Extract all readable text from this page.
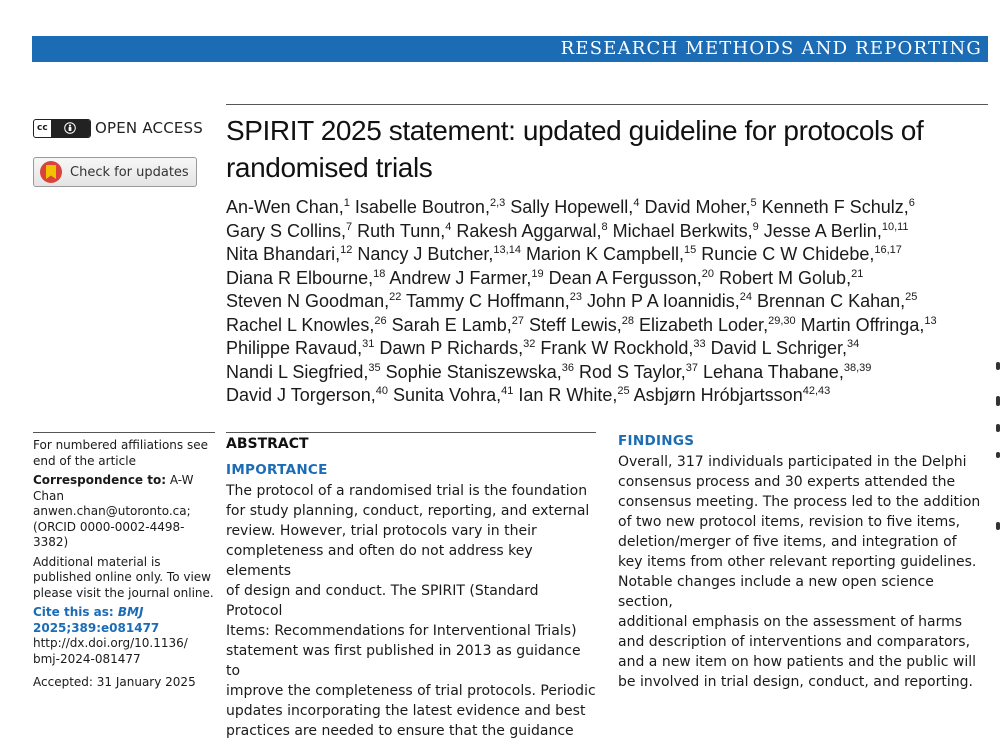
RESEARCH METHODS AND REPORTING
cc	OPEN ACCESS
Check for updates
SPIRIT 2025 statement: updated guideline for protocols of
randomised trials
An-Wen Chan,$^1$ Isabelle Boutron,$^{2,3}$ Sally Hopewell,$^4$ David Moher,$^5$ Kenneth F Schulz,$^6$
Gary S Collins,$^7$ Ruth Tunn,$^4$ Rakesh Aggarwal,$^8$ Michael Berkwits,$^9$ Jesse A Berlin,$^{10,11}$
Nita Bhandari,$^{12}$ Nancy J Butcher,$^{13,14}$ Marion K Campbell,$^{15}$ Runcie C W Chidebe,$^{16,17}$
Diana R Elbourne,$^{18}$ Andrew J Farmer,$^{19}$ Dean A Fergusson,$^{20}$ Robert M Golub,$^{21}$
Steven N Goodman,$^{22}$ Tammy C Hoffmann,$^{23}$ John P A Ioannidis,$^{24}$ Brennan C Kahan,$^{25}$
Rachel L Knowles,$^{26}$ Sarah E Lamb,$^{27}$ Steff Lewis,$^{28}$ Elizabeth Loder,$^{29,30}$ Martin Offringa,$^{13}$
Philippe Ravaud,$^{31}$ Dawn P Richards,$^{32}$ Frank W Rockhold,$^{33}$ David L Schriger,$^{34}$
Nandi L Siegfried,$^{35}$ Sophie Staniszewska,$^{36}$ Rod S Taylor,$^{37}$ Lehana Thabane,$^{38,39}$
David J Torgerson,$^{40}$ Sunita Vohra,$^{41}$ Ian R White,$^{25}$ Asbjørn Hróbjartsson$^{42,43}$

For numbered affiliations see end of the article

Correspondence to: A-W Chan
anwen.chan@utoronto.ca;
(ORCID 0000-0002-4498-3382)

Additional material is published online only. To view please visit the journal online.

Cite this as: BMJ 2025;389:e081477
http://dx.doi.org/10.1136/
bmj-2024-081477

Accepted: 31 January 2025

ABSTRACT
IMPORTANCE
The protocol of a randomised trial is the foundation
for study planning, conduct, reporting, and external
review. However, trial protocols vary in their
completeness and often do not address key elements
of design and conduct. The SPIRIT (Standard Protocol
Items: Recommendations for Interventional Trials)
statement was first published in 2013 as guidance to
improve the completeness of trial protocols. Periodic
updates incorporating the latest evidence and best
practices are needed to ensure that the guidance
FINDINGS
Overall, 317 individuals participated in the Delphi
consensus process and 30 experts attended the
consensus meeting. The process led to the addition
of two new protocol items, revision to five items,
deletion/merger of five items, and integration of
key items from other relevant reporting guidelines.
Notable changes include a new open science section,
additional emphasis on the assessment of harms
and description of interventions and comparators,
and a new item on how patients and the public will
be involved in trial design, conduct, and reporting.
